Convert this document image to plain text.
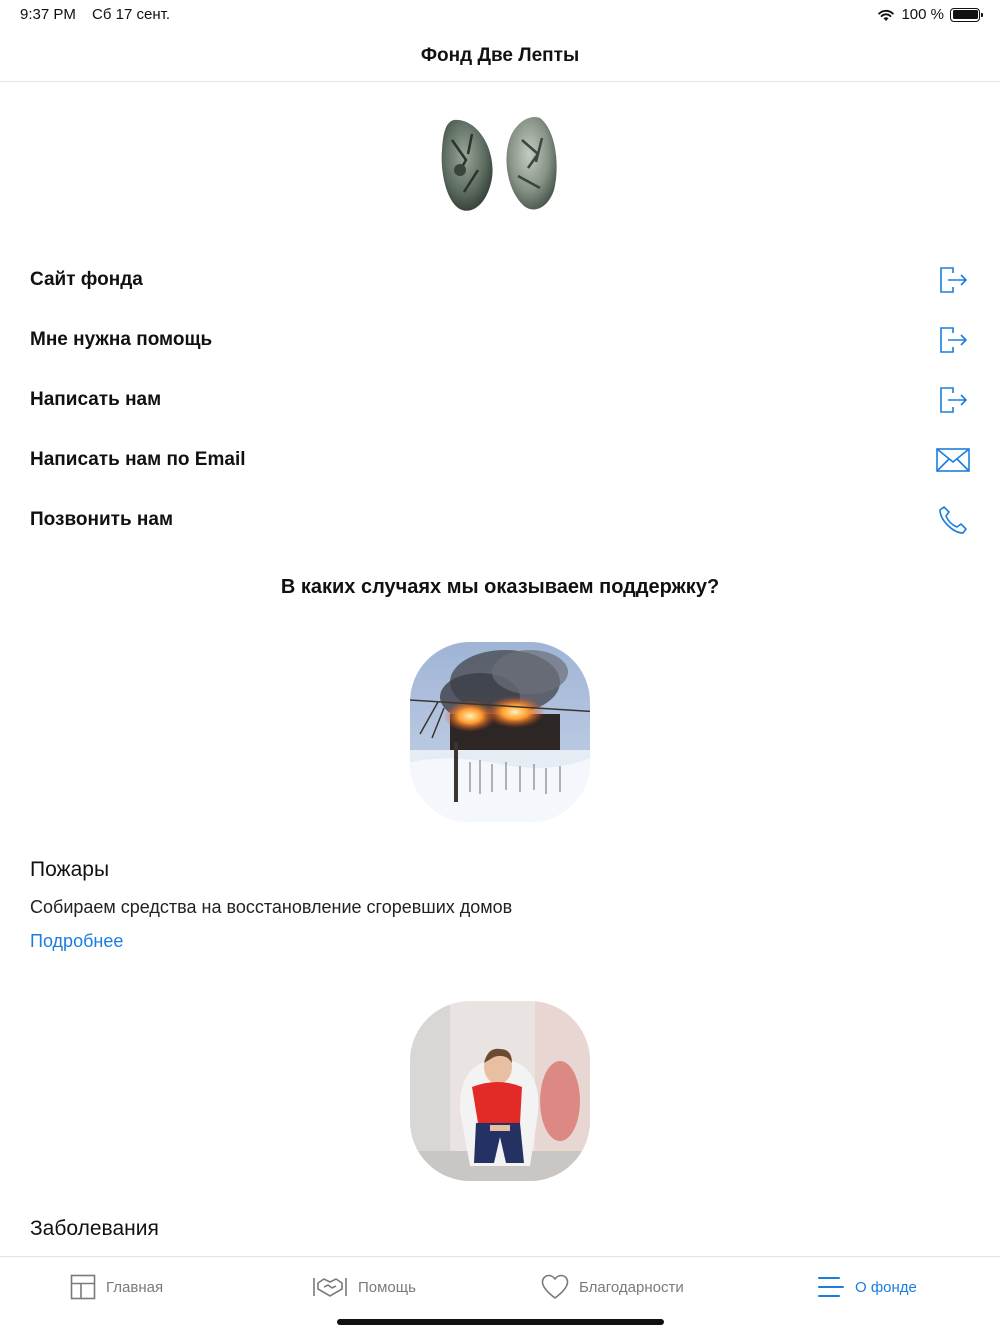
9:37 PM Сб 17 сент.	100 %
Фонд Две Лепты
Сайт фонда
Мне нужна помощь
Написать нам
Написать нам по Email
Позвонить нам
В каких случаях мы оказываем поддержку?
Пожары
Собираем средства на восстановление сгоревших домов
Подробнее
Заболевания
Главная	Помощь	Благодарности	О фонде
